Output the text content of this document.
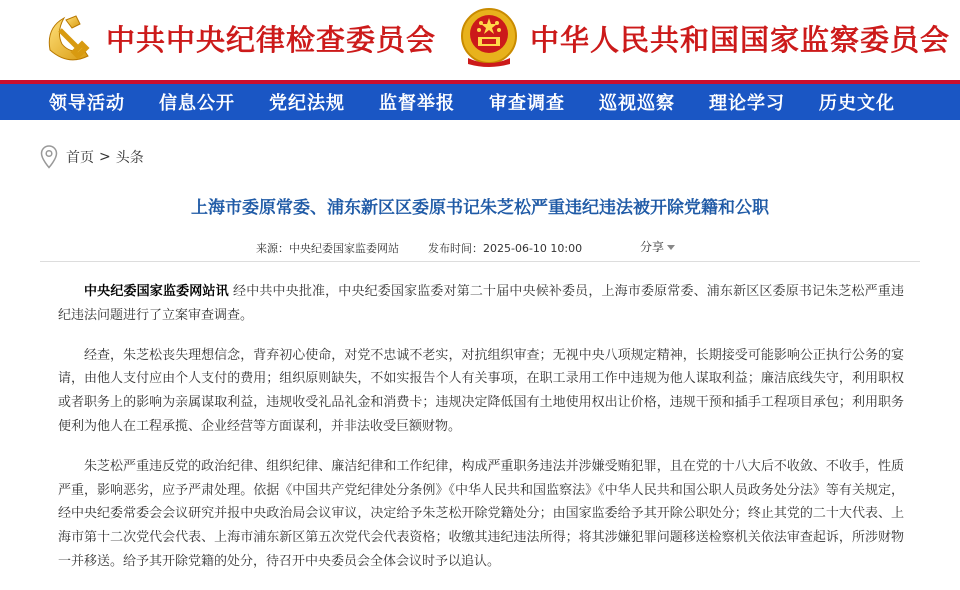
中共中央纪律检查委员会	中华人民共和国国家监察委员会
领导活动 信息公开 党纪法规 监督举报 审查调查 巡视巡察 理论学习 历史文化
首页 > 头条
上海市委原常委、浦东新区区委原书记朱芝松严重违纪违法被开除党籍和公职
来源：中央纪委国家监委网站	发布时间：2025-06-10 10:00	分享

中央纪委国家监委网站讯 经中共中央批准，中央纪委国家监委对第二十届中央候补委员，上海市委原常委、浦东新区区委原书记朱芝松严重违纪违法问题进行了立案审查调查。

经查，朱芝松丧失理想信念，背弃初心使命，对党不忠诚不老实，对抗组织审查；无视中央八项规定精神，长期接受可能影响公正执行公务的宴请，由他人支付应由个人支付的费用；组织原则缺失，不如实报告个人有关事项，在职工录用工作中违规为他人谋取利益；廉洁底线失守，利用职权或者职务上的影响为亲属谋取利益，违规收受礼品礼金和消费卡；违规决定降低国有土地使用权出让价格，违规干预和插手工程项目承包；利用职务便利为他人在工程承揽、企业经营等方面谋利，并非法收受巨额财物。

朱芝松严重违反党的政治纪律、组织纪律、廉洁纪律和工作纪律，构成严重职务违法并涉嫌受贿犯罪，且在党的十八大后不收敛、不收手，性质严重，影响恶劣，应予严肃处理。依据《中国共产党纪律处分条例》《中华人民共和国监察法》《中华人民共和国公职人员政务处分法》等有关规定，经中央纪委常委会会议研究并报中央政治局会议审议，决定给予朱芝松开除党籍处分；由国家监委给予其开除公职处分；终止其党的二十大代表、上海市第十二次党代会代表、上海市浦东新区第五次党代会代表资格；收缴其违纪违法所得；将其涉嫌犯罪问题移送检察机关依法审查起诉，所涉财物一并移送。给予其开除党籍的处分，待召开中央委员会全体会议时予以追认。
